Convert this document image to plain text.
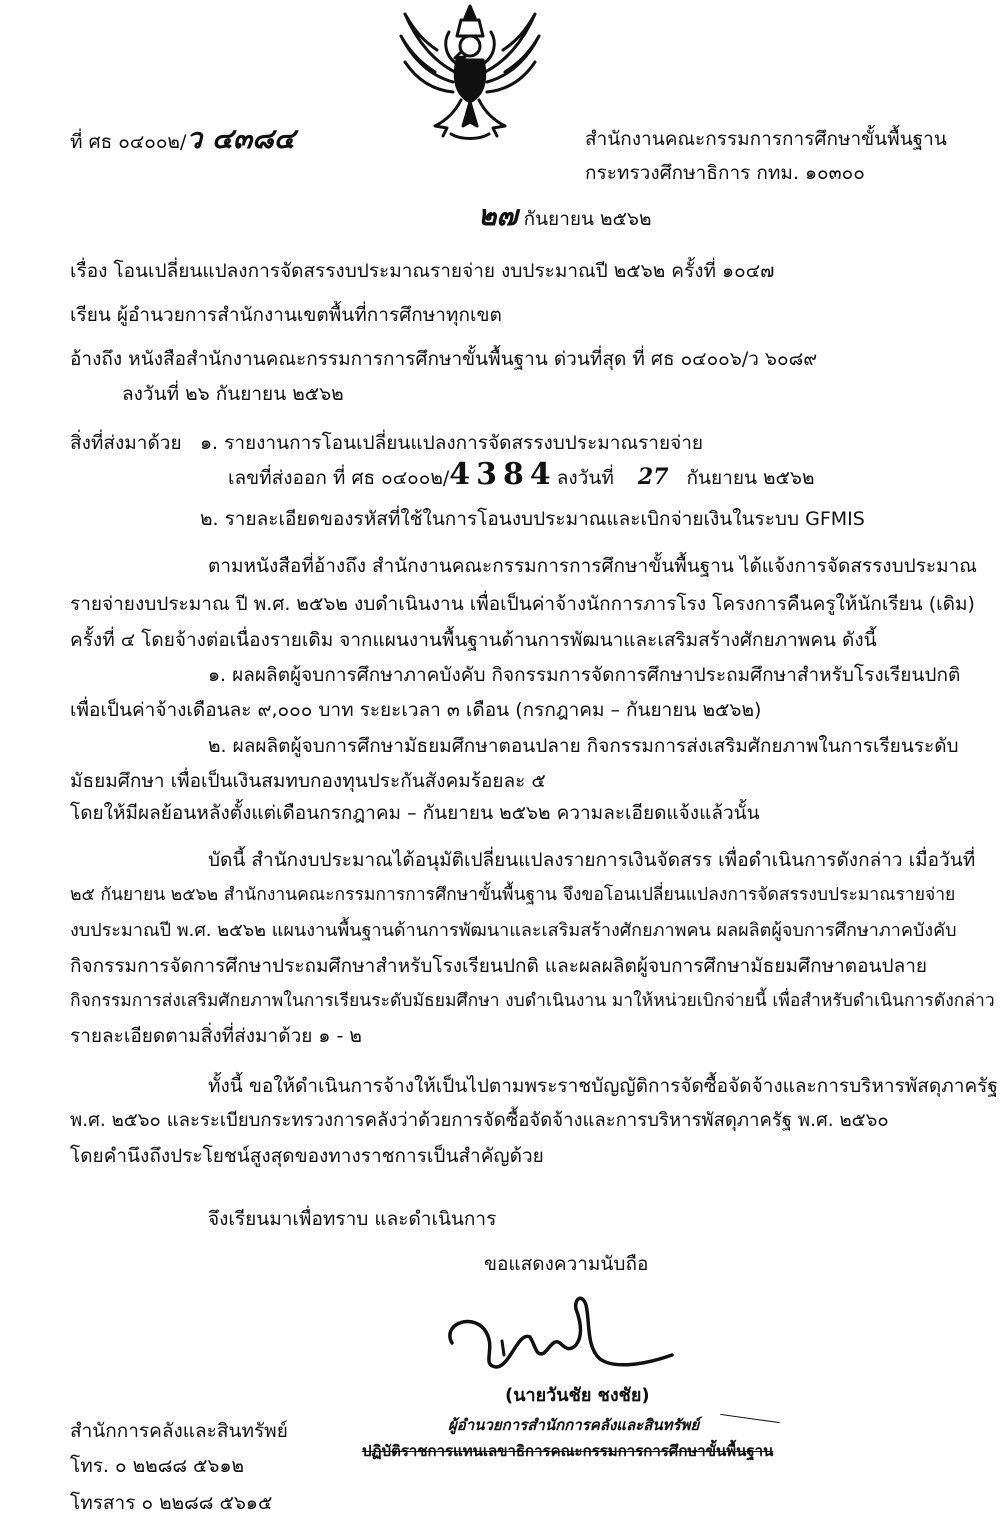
ที่ ศธ ๐๔๐๐๒/ว ๔๓๘๔	สำนักงานคณะกรรมการการศึกษาขั้นพื้นฐาน
กระทรวงศึกษาธิการ กทม. ๑๐๓๐๐
๒๗ กันยายน ๒๕๖๒
เรื่อง โอนเปลี่ยนแปลงการจัดสรรงบประมาณรายจ่าย งบประมาณปี ๒๕๖๒ ครั้งที่ ๑๐๔๗
เรียน ผู้อำนวยการสำนักงานเขตพื้นที่การศึกษาทุกเขต
อ้างถึง หนังสือสำนักงานคณะกรรมการการศึกษาขั้นพื้นฐาน ด่วนที่สุด ที่ ศธ ๐๔๐๐๖/ว ๖๐๘๙
ลงวันที่ ๒๖ กันยายน ๒๕๖๒
สิ่งที่ส่งมาด้วย ๑. รายงานการโอนเปลี่ยนแปลงการจัดสรรงบประมาณรายจ่าย
เลขที่ส่งออก ที่ ศธ ๐๔๐๐๒/4384ลงวันที่ 27 กันยายน ๒๕๖๒
๒. รายละเอียดของรหัสที่ใช้ในการโอนงบประมาณและเบิกจ่ายเงินในระบบ GFMIS
ตามหนังสือที่อ้างถึง สำนักงานคณะกรรมการการศึกษาขั้นพื้นฐาน ได้แจ้งการจัดสรรงบประมาณ
รายจ่ายงบประมาณ ปี พ.ศ. ๒๕๖๒ งบดำเนินงาน เพื่อเป็นค่าจ้างนักการภารโรง โครงการคืนครูให้นักเรียน (เดิม)
ครั้งที่ ๔ โดยจ้างต่อเนื่องรายเดิม จากแผนงานพื้นฐานด้านการพัฒนาและเสริมสร้างศักยภาพคน ดังนี้
๑. ผลผลิตผู้จบการศึกษาภาคบังคับ กิจกรรมการจัดการศึกษาประถมศึกษาสำหรับโรงเรียนปกติ
เพื่อเป็นค่าจ้างเดือนละ ๙,๐๐๐ บาท ระยะเวลา ๓ เดือน (กรกฎาคม – กันยายน ๒๕๖๒)
๒. ผลผลิตผู้จบการศึกษามัธยมศึกษาตอนปลาย กิจกรรมการส่งเสริมศักยภาพในการเรียนระดับ
มัธยมศึกษา เพื่อเป็นเงินสมทบกองทุนประกันสังคมร้อยละ ๕
โดยให้มีผลย้อนหลังตั้งแต่เดือนกรกฎาคม – กันยายน ๒๕๖๒ ความละเอียดแจ้งแล้วนั้น
บัดนี้ สำนักงบประมาณได้อนุมัติเปลี่ยนแปลงรายการเงินจัดสรร เพื่อดำเนินการดังกล่าว เมื่อวันที่
๒๕ กันยายน ๒๕๖๒ สำนักงานคณะกรรมการการศึกษาขั้นพื้นฐาน จึงขอโอนเปลี่ยนแปลงการจัดสรรงบประมาณรายจ่าย
งบประมาณปี พ.ศ. ๒๕๖๒ แผนงานพื้นฐานด้านการพัฒนาและเสริมสร้างศักยภาพคน ผลผลิตผู้จบการศึกษาภาคบังคับ
กิจกรรมการจัดการศึกษาประถมศึกษาสำหรับโรงเรียนปกติ และผลผลิตผู้จบการศึกษามัธยมศึกษาตอนปลาย
กิจกรรมการส่งเสริมศักยภาพในการเรียนระดับมัธยมศึกษา งบดำเนินงาน มาให้หน่วยเบิกจ่ายนี้ เพื่อสำหรับดำเนินการดังกล่าว
รายละเอียดตามสิ่งที่ส่งมาด้วย ๑ - ๒
ทั้งนี้ ขอให้ดำเนินการจ้างให้เป็นไปตามพระราชบัญญัติการจัดซื้อจัดจ้างและการบริหารพัสดุภาครัฐ
พ.ศ. ๒๕๖๐ และระเบียบกระทรวงการคลังว่าด้วยการจัดซื้อจัดจ้างและการบริหารพัสดุภาครัฐ พ.ศ. ๒๕๖๐
โดยคำนึงถึงประโยชน์สูงสุดของทางราชการเป็นสำคัญด้วย
จึงเรียนมาเพื่อทราบ และดำเนินการ
ขอแสดงความนับถือ
(นายวันชัย ชงชัย)
ผู้อำนวยการสำนักการคลังและสินทรัพย์
ปฏิบัติราชการแทนเลขาธิการคณะกรรมการการศึกษาขั้นพื้นฐาน
สำนักการคลังและสินทรัพย์
โทร. ๐ ๒๒๘๘ ๕๖๑๒
โทรสาร ๐ ๒๒๘๘ ๕๖๑๕
